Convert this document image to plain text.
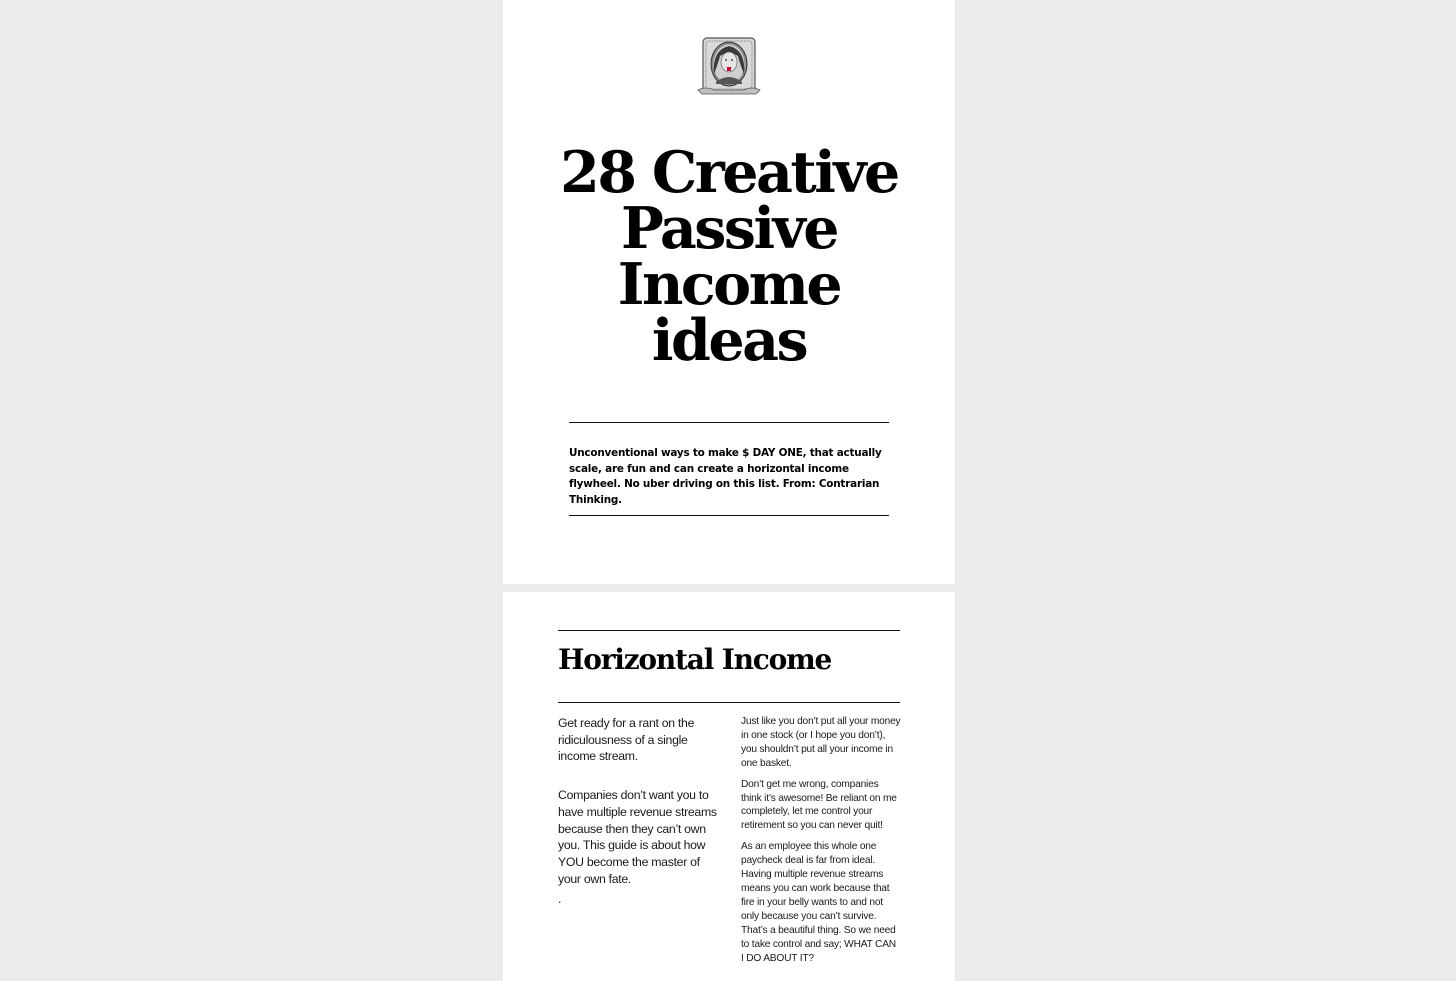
28 Creative Passive Income ideas

Unconventional ways to make $ DAY ONE, that actually scale, are fun and can create a horizontal income flywheel. No uber driving on this list. From: Contrarian Thinking.

Horizontal Income

Get ready for a rant on the ridiculousness of a single income stream.

Companies don’t want you to have multiple revenue streams because then they can’t own you. This guide is about how YOU become the master of your own fate.

.

Just like you don’t put all your money in one stock (or I hope you don’t), you shouldn’t put all your income in one basket.

Don’t get me wrong, companies think it’s awesome! Be reliant on me completely, let me control your retirement so you can never quit!

As an employee this whole one paycheck deal is far from ideal. Having multiple revenue streams means you can work because that fire in your belly wants to and not only because you can’t survive. That’s a beautiful thing. So we need to take control and say; WHAT CAN I DO ABOUT IT?
